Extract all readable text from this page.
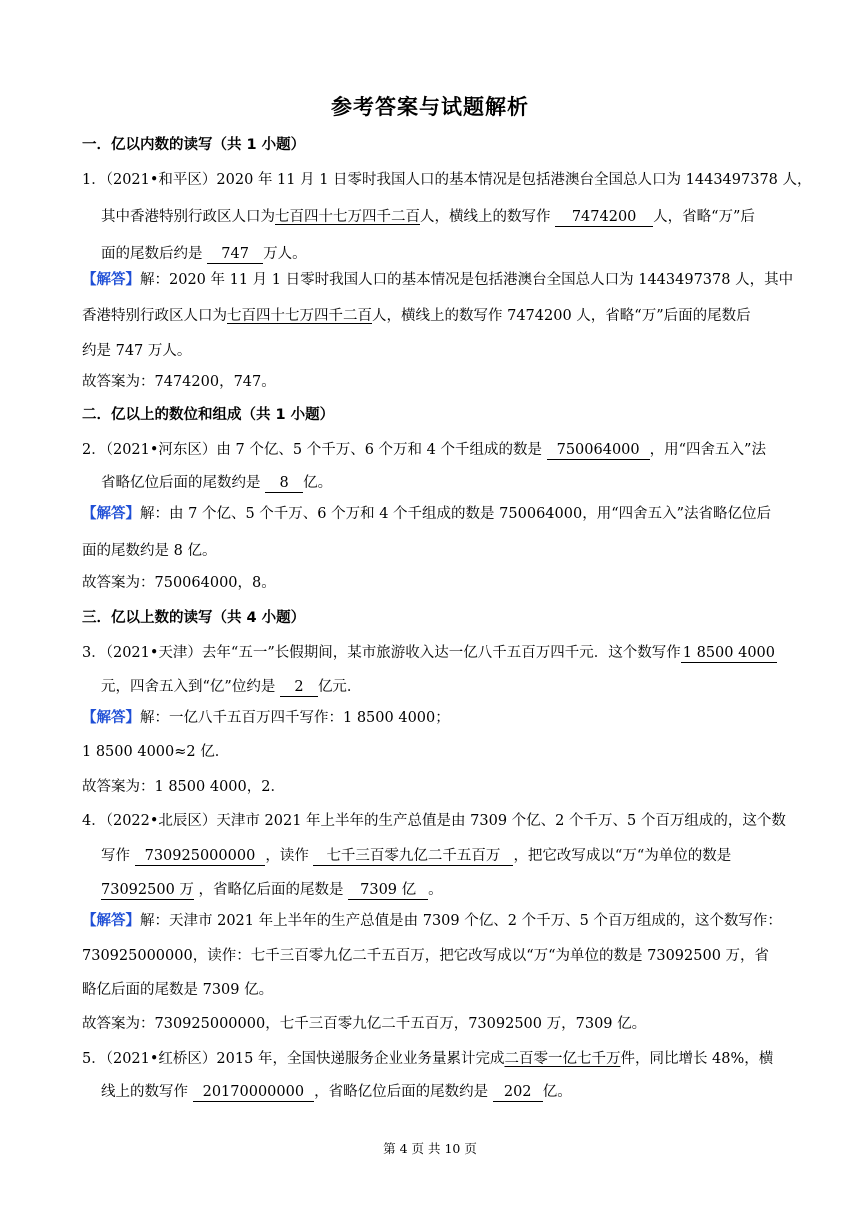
参考答案与试题解析
一．亿以内数的读写（共 1 小题）
1．（2021•和平区）2020 年 11 月 1 日零时我国人口的基本情况是包括港澳台全国总人口为 1443497378 人，
其中香港特别行政区人口为七百四十七万四千二百人，横线上的数写作 7474200 人，省略“万”后
面的尾数后约是 747 万人。
【解答】解：2020 年 11 月 1 日零时我国人口的基本情况是包括港澳台全国总人口为 1443497378 人，其中
香港特别行政区人口为七百四十七万四千二百人，横线上的数写作 7474200 人，省略“万”后面的尾数后
约是 747 万人。
故答案为：7474200，747。
二．亿以上的数位和组成（共 1 小题）
2．（2021•河东区）由 7 个亿、5 个千万、6 个万和 4 个千组成的数是 750064000 ，用“四舍五入”法
省略亿位后面的尾数约是 8 亿。
【解答】解：由 7 个亿、5 个千万、6 个万和 4 个千组成的数是 750064000，用“四舍五入”法省略亿位后
面的尾数约是 8 亿。
故答案为：750064000，8。
三．亿以上数的读写（共 4 小题）
3．（2021•天津）去年“五一”长假期间，某市旅游收入达一亿八千五百万四千元．这个数写作 1 8500 4000
元，四舍五入到“亿”位约是 2 亿元．
【解答】解：一亿八千五百万四千写作：1 8500 4000；
1 8500 4000≈2 亿．
故答案为：1 8500 4000，2．
4．（2022•北辰区）天津市 2021 年上半年的生产总值是由 7309 个亿、2 个千万、5 个百万组成的，这个数
写作 730925000000 ，读作 七千三百零九亿二千五百万 ，把它改写成以“万“为单位的数是
73092500 万 ，省略亿后面的尾数是 7309 亿 。
【解答】解：天津市 2021 年上半年的生产总值是由 7309 个亿、2 个千万、5 个百万组成的，这个数写作：
730925000000，读作：七千三百零九亿二千五百万，把它改写成以“万“为单位的数是 73092500 万，省
略亿后面的尾数是 7309 亿。
故答案为：730925000000，七千三百零九亿二千五百万，73092500 万，7309 亿。
5．（2021•红桥区）2015 年，全国快递服务企业业务量累计完成二百零一亿七千万件，同比增长 48%，横
线上的数写作 20170000000 ，省略亿位后面的尾数约是 202 亿。
第 4 页 共 10 页
